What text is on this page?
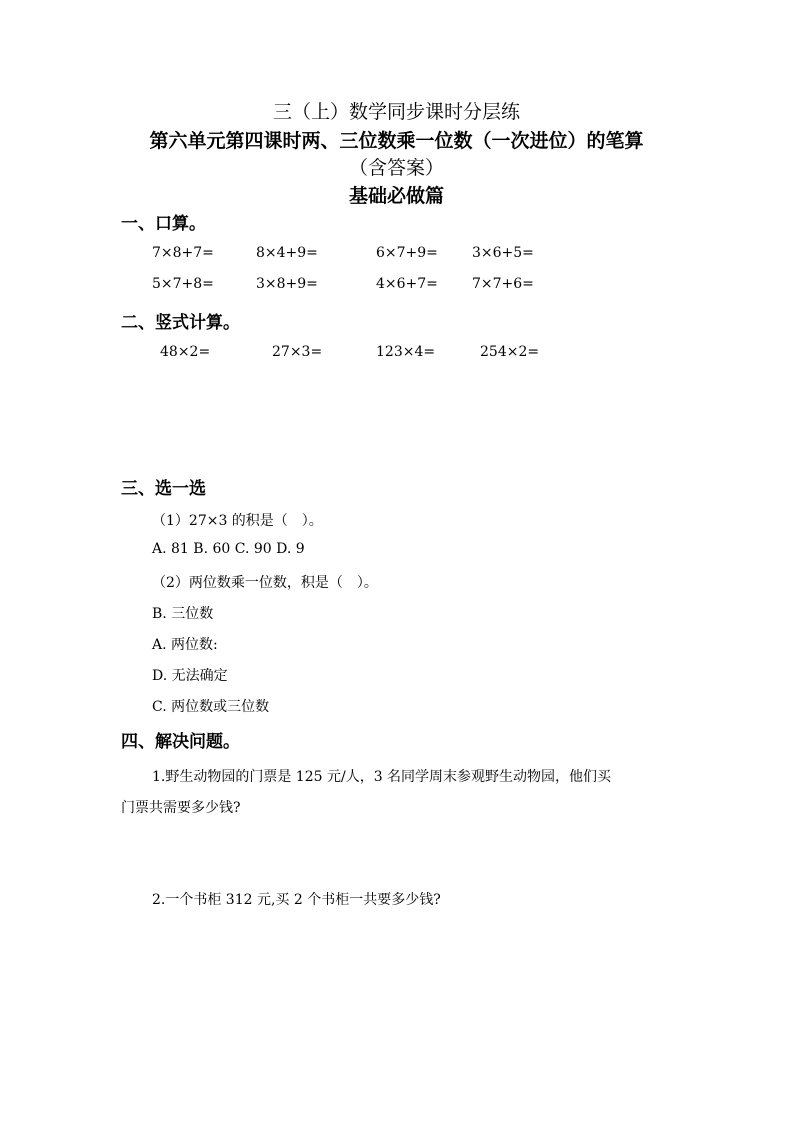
三（上）数学同步课时分层练
第六单元第四课时两、三位数乘一位数（一次进位）的笔算
（含答案）
基础必做篇
一、口算。
7×8+7=	8×4+9=	6×7+9= 3×6+5=
5×7+8=	3×8+9=	4×6+7= 7×7+6=
二、竖式计算。
48×2=	27×3=	123×4=	254×2=
三、选一选
（1）27×3 的积是（　）。
A. 81 B. 60 C. 90 D. 9
（2）两位数乘一位数，积是（　）。
B. 三位数
A. 两位数:
D. 无法确定
C. 两位数或三位数
四、解决问题。
1.野生动物园的门票是 125 元/人，3 名同学周末参观野生动物园，他们买
门票共需要多少钱?
2.一个书柜 312 元,买 2 个书柜一共要多少钱?
